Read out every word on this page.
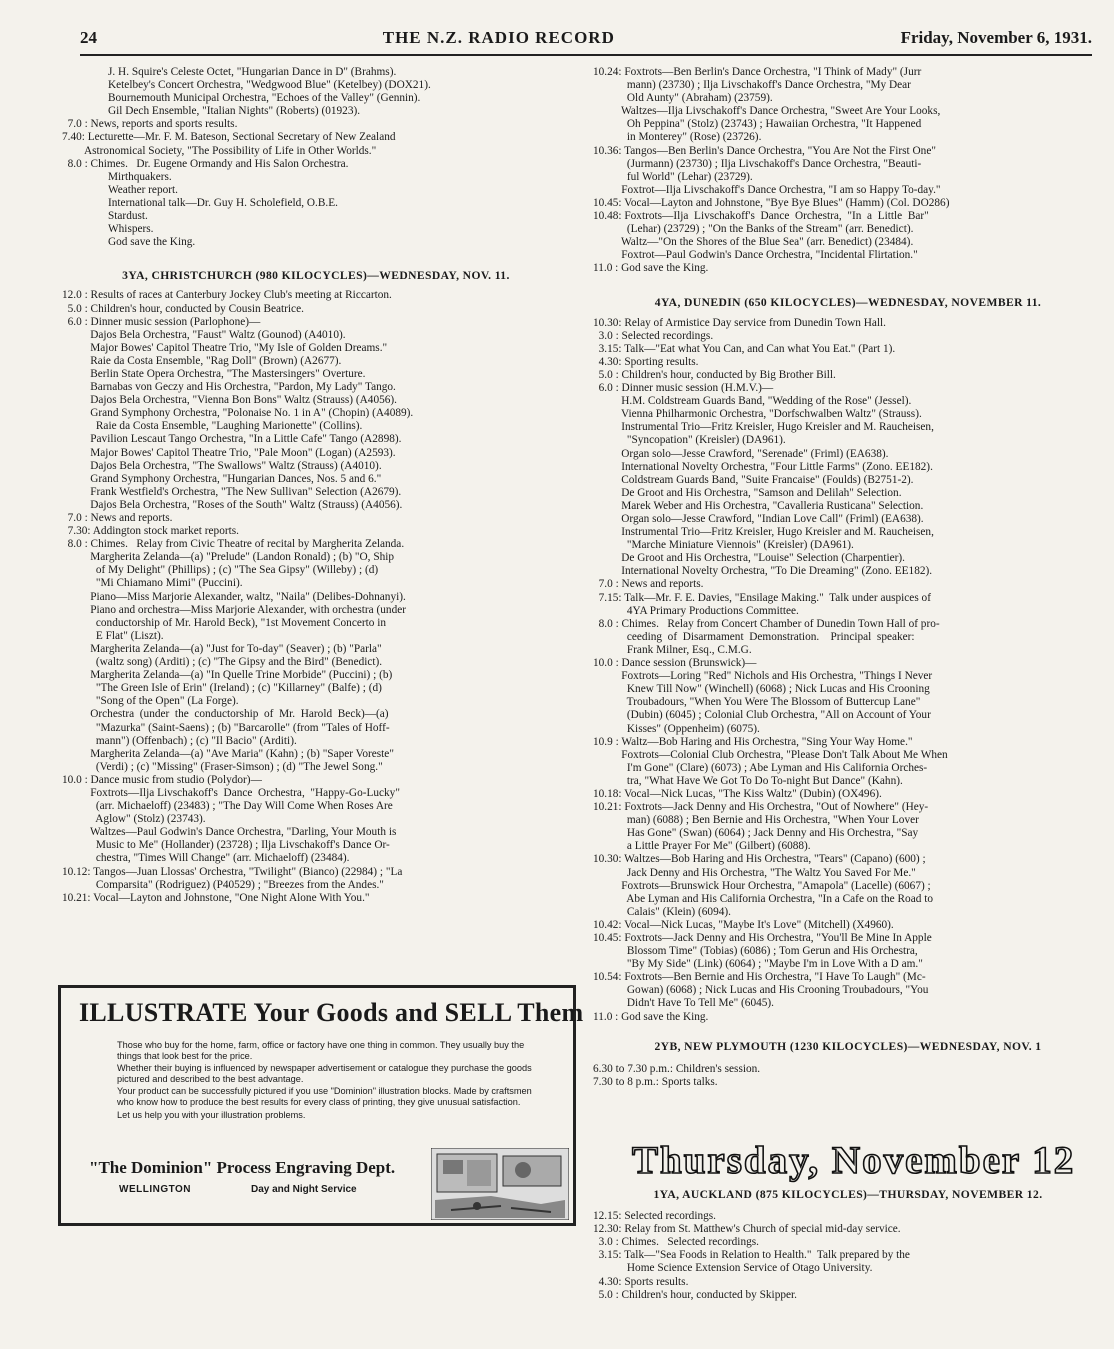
24	THE N.Z. RADIO RECORD	Friday, November 6, 1931.
J. H. Squire's Celeste Octet, "Hungarian Dance in D" (Brahms).
Ketelbey's Concert Orchestra, "Wedgwood Blue" (Ketelbey) (DOX21).
Bournemouth Municipal Orchestra, "Echoes of the Valley" (Gennin).
Gil Dech Ensemble, "Italian Nights" (Roberts) (01923).
7.0 : News, reports and sports results.
7.40: Lecturette—Mr. F. M. Bateson, Sectional Secretary of New Zealand
Astronomical Society, "The Possibility of Life in Other Worlds."
8.0 : Chimes.   Dr. Eugene Ormandy and His Salon Orchestra.
Mirthquakers.
Weather report.
International talk—Dr. Guy H. Scholefield, O.B.E.
Stardust.
Whispers.
God save the King.

3YA, CHRISTCHURCH (980 KILOCYCLES)—WEDNESDAY, NOV. 11.

12.0 : Results of races at Canterbury Jockey Club's meeting at Riccarton.
5.0 : Children's hour, conducted by Cousin Beatrice.
6.0 : Dinner music session (Parlophone)—
Dajos Bela Orchestra, "Faust" Waltz (Gounod) (A4010).
Major Bowes' Capitol Theatre Trio, "My Isle of Golden Dreams."
Raie da Costa Ensemble, "Rag Doll" (Brown) (A2677).
Berlin State Opera Orchestra, "The Mastersingers" Overture.
Barnabas von Geczy and His Orchestra, "Pardon, My Lady" Tango.
Dajos Bela Orchestra, "Vienna Bon Bons" Waltz (Strauss) (A4056).
Grand Symphony Orchestra, "Polonaise No. 1 in A" (Chopin) (A4089).
Raie da Costa Ensemble, "Laughing Marionette" (Collins).
Pavilion Lescaut Tango Orchestra, "In a Little Cafe" Tango (A2898).
Major Bowes' Capitol Theatre Trio, "Pale Moon" (Logan) (A2593).
Dajos Bela Orchestra, "The Swallows" Waltz (Strauss) (A4010).
Grand Symphony Orchestra, "Hungarian Dances, Nos. 5 and 6."
Frank Westfield's Orchestra, "The New Sullivan" Selection (A2679).
Dajos Bela Orchestra, "Roses of the South" Waltz (Strauss) (A4056).
7.0 : News and reports.
7.30: Addington stock market reports.
8.0 : Chimes.   Relay from Civic Theatre of recital by Margherita Zelanda.
Margherita Zelanda—(a) "Prelude" (Landon Ronald) ; (b) "O, Ship
of My Delight" (Phillips) ; (c) "The Sea Gipsy" (Willeby) ; (d)
"Mi Chiamano Mimi" (Puccini).
Piano—Miss Marjorie Alexander, waltz, "Naila" (Delibes-Dohnanyi).
Piano and orchestra—Miss Marjorie Alexander, with orchestra (under
conductorship of Mr. Harold Beck), "1st Movement Concerto in
E Flat" (Liszt).
Margherita Zelanda—(a) "Just for To-day" (Seaver) ; (b) "Parla"
(waltz song) (Arditi) ; (c) "The Gipsy and the Bird" (Benedict).
Margherita Zelanda—(a) "In Quelle Trine Morbide" (Puccini) ; (b)
"The Green Isle of Erin" (Ireland) ; (c) "Killarney" (Balfe) ; (d)
"Song of the Open" (La Forge).
Orchestra  (under  the  conductorship  of  Mr.  Harold  Beck)—(a)
"Mazurka" (Saint-Saens) ; (b) "Barcarolle" (from "Tales of Hoff-
mann") (Offenbach) ; (c) "Il Bacio" (Arditi).
Margherita Zelanda—(a) "Ave Maria" (Kahn) ; (b) "Saper Voreste"
(Verdi) ; (c) "Missing" (Fraser-Simson) ; (d) "The Jewel Song."
10.0 : Dance music from studio (Polydor)—
Foxtrots—Ilja Livschakoff's  Dance  Orchestra,  "Happy-Go-Lucky"
(arr. Michaeloff) (23483) ; "The Day Will Come When Roses Are
Aglow" (Stolz) (23743).
Waltzes—Paul Godwin's Dance Orchestra, "Darling, Your Mouth is
Music to Me" (Hollander) (23728) ; Ilja Livschakoff's Dance Or-
chestra, "Times Will Change" (arr. Michaeloff) (23484).
10.12: Tangos—Juan Llossas' Orchestra, "Twilight" (Bianco) (22984) ; "La
Comparsita" (Rodriguez) (P40529) ; "Breezes from the Andes."
10.21: Vocal—Layton and Johnstone, "One Night Alone With You."
ILLUSTRATE Your Goods and SELL Them

Those who buy for the home, farm, office or factory have one thing in common. They usually buy the things that look best for the price.

Whether their buying is influenced by newspaper advertisement or catalogue they purchase the goods pictured and described to the best advantage.

Your product can be successfully pictured if you use "Dominion" illustration blocks. Made by craftsmen who know how to produce the best results for every class of printing, they give unusual satisfaction.

Let us help you with your illustration problems.

"The Dominion" Process Engraving Dept.
WELLINGTON	Day and Night Service
10.24: Foxtrots—Ben Berlin's Dance Orchestra, "I Think of Mady" (Jurr
mann) (23730) ; Ilja Livschakoff's Dance Orchestra, "My Dear
Old Aunty" (Abraham) (23759).
Waltzes—Ilja Livschakoff's Dance Orchestra, "Sweet Are Your Looks,
Oh Peppina" (Stolz) (23743) ; Hawaiian Orchestra, "It Happened
in Monterey" (Rose) (23726).
10.36: Tangos—Ben Berlin's Dance Orchestra, "You Are Not the First One"
(Jurmann) (23730) ; Ilja Livschakoff's Dance Orchestra, "Beauti-
ful World" (Lehar) (23729).
Foxtrot—Ilja Livschakoff's Dance Orchestra, "I am so Happy To-day."
10.45: Vocal—Layton and Johnstone, "Bye Bye Blues" (Hamm) (Col. DO286)
10.48: Foxtrots—Ilja  Livschakoff's  Dance  Orchestra,  "In  a  Little  Bar"
(Lehar) (23729) ; "On the Banks of the Stream" (arr. Benedict).
Waltz—"On the Shores of the Blue Sea" (arr. Benedict) (23484).
Foxtrot—Paul Godwin's Dance Orchestra, "Incidental Flirtation."
11.0 : God save the King.

4YA, DUNEDIN (650 KILOCYCLES)—WEDNESDAY, NOVEMBER 11.

10.30: Relay of Armistice Day service from Dunedin Town Hall.
3.0 : Selected recordings.
3.15: Talk—"Eat what You Can, and Can what You Eat." (Part 1).
4.30: Sporting results.
5.0 : Children's hour, conducted by Big Brother Bill.
6.0 : Dinner music session (H.M.V.)—
H.M. Coldstream Guards Band, "Wedding of the Rose" (Jessel).
Vienna Philharmonic Orchestra, "Dorfschwalben Waltz" (Strauss).
Instrumental Trio—Fritz Kreisler, Hugo Kreisler and M. Raucheisen,
"Syncopation" (Kreisler) (DA961).
Organ solo—Jesse Crawford, "Serenade" (Friml) (EA638).
International Novelty Orchestra, "Four Little Farms" (Zono. EE182).
Coldstream Guards Band, "Suite Francaise" (Foulds) (B2751-2).
De Groot and His Orchestra, "Samson and Delilah" Selection.
Marek Weber and His Orchestra, "Cavalleria Rusticana" Selection.
Organ solo—Jesse Crawford, "Indian Love Call" (Friml) (EA638).
Instrumental Trio—Fritz Kreisler, Hugo Kreisler and M. Raucheisen,
"Marche Miniature Viennois" (Kreisler) (DA961).
De Groot and His Orchestra, "Louise" Selection (Charpentier).
International Novelty Orchestra, "To Die Dreaming" (Zono. EE182).
7.0 : News and reports.
7.15: Talk—Mr. F. E. Davies, "Ensilage Making."  Talk under auspices of
4YA Primary Productions Committee.
8.0 : Chimes.   Relay from Concert Chamber of Dunedin Town Hall of pro-
ceeding  of  Disarmament  Demonstration.    Principal  speaker:
Frank Milner, Esq., C.M.G.
10.0 : Dance session (Brunswick)—
Foxtrots—Loring "Red" Nichols and His Orchestra, "Things I Never
Knew Till Now" (Winchell) (6068) ; Nick Lucas and His Crooning
Troubadours, "When You Were The Blossom of Buttercup Lane"
(Dubin) (6045) ; Colonial Club Orchestra, "All on Account of Your
Kisses" (Oppenheim) (6075).
10.9 : Waltz—Bob Haring and His Orchestra, "Sing Your Way Home."
Foxtrots—Colonial Club Orchestra, "Please Don't Talk About Me When
I'm Gone" (Clare) (6073) ; Abe Lyman and His California Orches-
tra, "What Have We Got To Do To-night But Dance" (Kahn).
10.18: Vocal—Nick Lucas, "The Kiss Waltz" (Dubin) (OX496).
10.21: Foxtrots—Jack Denny and His Orchestra, "Out of Nowhere" (Hey-
man) (6088) ; Ben Bernie and His Orchestra, "When Your Lover
Has Gone" (Swan) (6064) ; Jack Denny and His Orchestra, "Say
a Little Prayer For Me" (Gilbert) (6088).
10.30: Waltzes—Bob Haring and His Orchestra, "Tears" (Capano) (600) ;
Jack Denny and His Orchestra, "The Waltz You Saved For Me."
Foxtrots—Brunswick Hour Orchestra, "Amapola" (Lacelle) (6067) ;
Abe Lyman and His California Orchestra, "In a Cafe on the Road to
Calais" (Klein) (6094).
10.42: Vocal—Nick Lucas, "Maybe It's Love" (Mitchell) (X4960).
10.45: Foxtrots—Jack Denny and His Orchestra, "You'll Be Mine In Apple
Blossom Time" (Tobias) (6086) ; Tom Gerun and His Orchestra,
"By My Side" (Link) (6064) ; "Maybe I'm in Love With a D am."
10.54: Foxtrots—Ben Bernie and His Orchestra, "I Have To Laugh" (Mc-
Gowan) (6068) ; Nick Lucas and His Crooning Troubadours, "You
Didn't Have To Tell Me" (6045).
11.0 : God save the King.

2YB, NEW PLYMOUTH (1230 KILOCYCLES)—WEDNESDAY, NOV. 1

6.30 to 7.30 p.m.: Children's session.
7.30 to 8 p.m.: Sports talks.
Thursday, November 12

1YA, AUCKLAND (875 KILOCYCLES)—THURSDAY, NOVEMBER 12.

12.15: Selected recordings.
12.30: Relay from St. Matthew's Church of special mid-day service.
3.0 : Chimes.   Selected recordings.
3.15: Talk—"Sea Foods in Relation to Health."  Talk prepared by the
Home Science Extension Service of Otago University.
4.30: Sports results.
5.0 : Children's hour, conducted by Skipper.
